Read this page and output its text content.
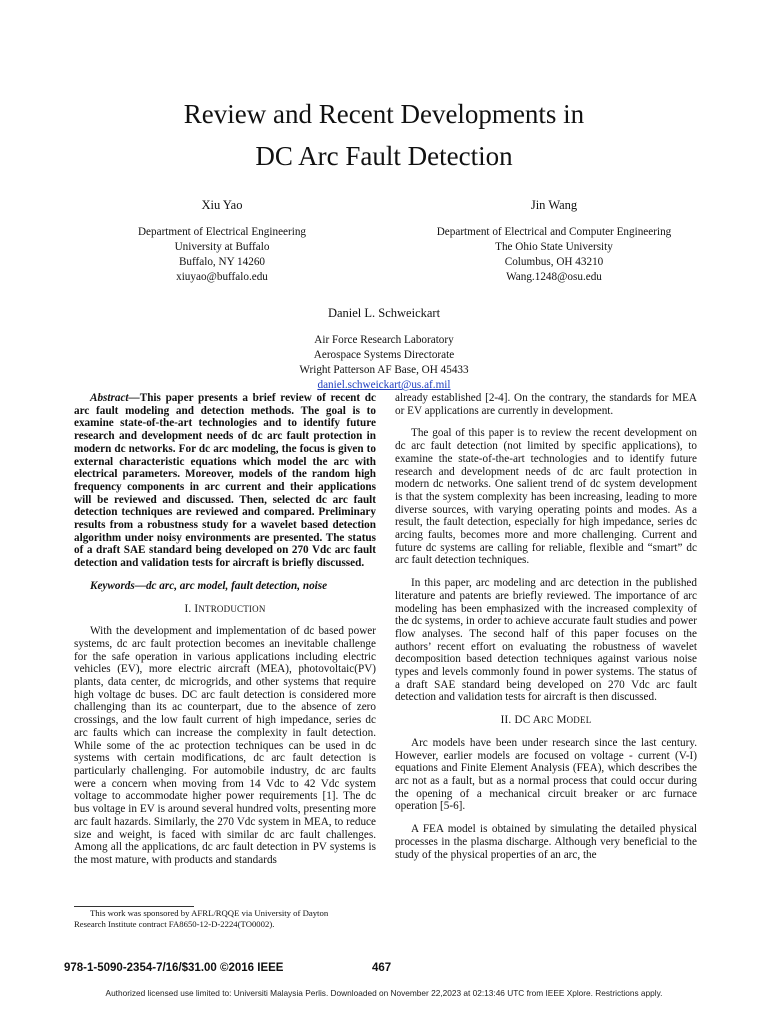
Review and Recent Developments in
DC Arc Fault Detection
Xiu Yao
Department of Electrical Engineering
University at Buffalo
Buffalo, NY 14260
xiuyao@buffalo.edu
Jin Wang
Department of Electrical and Computer Engineering
The Ohio State University
Columbus, OH 43210
Wang.1248@osu.edu
Daniel L. Schweickart
Air Force Research Laboratory
Aerospace Systems Directorate
Wright Patterson AF Base, OH 45433
daniel.schweickart@us.af.mil

Abstract—This paper presents a brief review of recent dc arc fault modeling and detection methods. The goal is to examine state-of-the-art technologies and to identify future research and development needs of dc arc fault protection in modern dc networks. For dc arc modeling, the focus is given to external characteristic equations which model the arc with electrical parameters. Moreover, models of the random high frequency components in arc current and their applications will be reviewed and discussed. Then, selected dc arc fault detection techniques are reviewed and compared. Preliminary results from a robustness study for a wavelet based detection algorithm under noisy environments are presented. The status of a draft SAE standard being developed on 270 Vdc arc fault detection and validation tests for aircraft is briefly discussed.

Keywords—dc arc, arc model, fault detection, noise

I. INTRODUCTION

With the development and implementation of dc based power systems, dc arc fault protection becomes an inevitable challenge for the safe operation in various applications including electric vehicles (EV), more electric aircraft (MEA), photovoltaic(PV) plants, data center, dc microgrids, and other systems that require high voltage dc buses. DC arc fault detection is considered more challenging than its ac counterpart, due to the absence of zero crossings, and the low fault current of high impedance, series dc arc faults which can increase the complexity in fault detection. While some of the ac protection techniques can be used in dc systems with certain modifications, dc arc fault detection is particularly challenging. For automobile industry, dc arc faults were a concern when moving from 14 Vdc to 42 Vdc system voltage to accommodate higher power requirements [1]. The dc bus voltage in EV is around several hundred volts, presenting more arc fault hazards. Similarly, the 270 Vdc system in MEA, to reduce size and weight, is faced with similar dc arc fault challenges. Among all the applications, dc arc fault detection in PV systems is the most mature, with products and standards

already established [2-4]. On the contrary, the standards for MEA or EV applications are currently in development.

The goal of this paper is to review the recent development on dc arc fault detection (not limited by specific applications), to examine the state-of-the-art technologies and to identify future research and development needs of dc arc fault protection in modern dc networks. One salient trend of dc system development is that the system complexity has been increasing, leading to more diverse sources, with varying operating points and modes. As a result, the fault detection, especially for high impedance, series dc arcing faults, becomes more and more challenging. Current and future dc systems are calling for reliable, flexible and “smart” dc arc fault detection techniques.

In this paper, arc modeling and arc detection in the published literature and patents are briefly reviewed. The importance of arc modeling has been emphasized with the increased complexity of the dc systems, in order to achieve accurate fault studies and power flow analyses. The second half of this paper focuses on the authors’ recent effort on evaluating the robustness of wavelet decomposition based detection techniques against various noise types and levels commonly found in power systems. The status of a draft SAE standard being developed on 270 Vdc arc fault detection and validation tests for aircraft is then discussed.

II. DC ARC MODEL

Arc models have been under research since the last century. However, earlier models are focused on voltage - current (V-I) equations and Finite Element Analysis (FEA), which describes the arc not as a fault, but as a normal process that could occur during the opening of a mechanical circuit breaker or arc furnace operation [5-6].

A FEA model is obtained by simulating the detailed physical processes in the plasma discharge. Although very beneficial to the study of the physical properties of an arc, the

This work was sponsored by AFRL/RQQE via University of Dayton
Research Institute contract FA8650-12-D-2224(TO0002).
978-1-5090-2354-7/16/$31.00 ©2016 IEEE	467
Authorized licensed use limited to: Universiti Malaysia Perlis. Downloaded on November 22,2023 at 02:13:46 UTC from IEEE Xplore. Restrictions apply.
